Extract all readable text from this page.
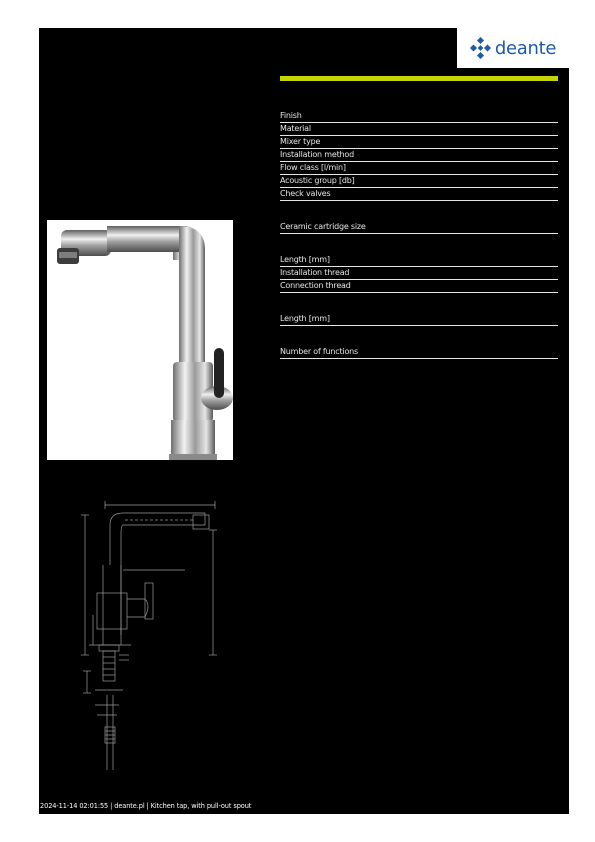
deante
Finish
Material
Mixer type
Installation method
Flow class [l/min]
Acoustic group [db]
Check valves
Ceramic cartridge size
Length [mm]
Installation thread
Connection thread
Length [mm]
Number of functions
2024-11-14 02:01:55 | deante.pl | Kitchen tap, with pull-out spout
